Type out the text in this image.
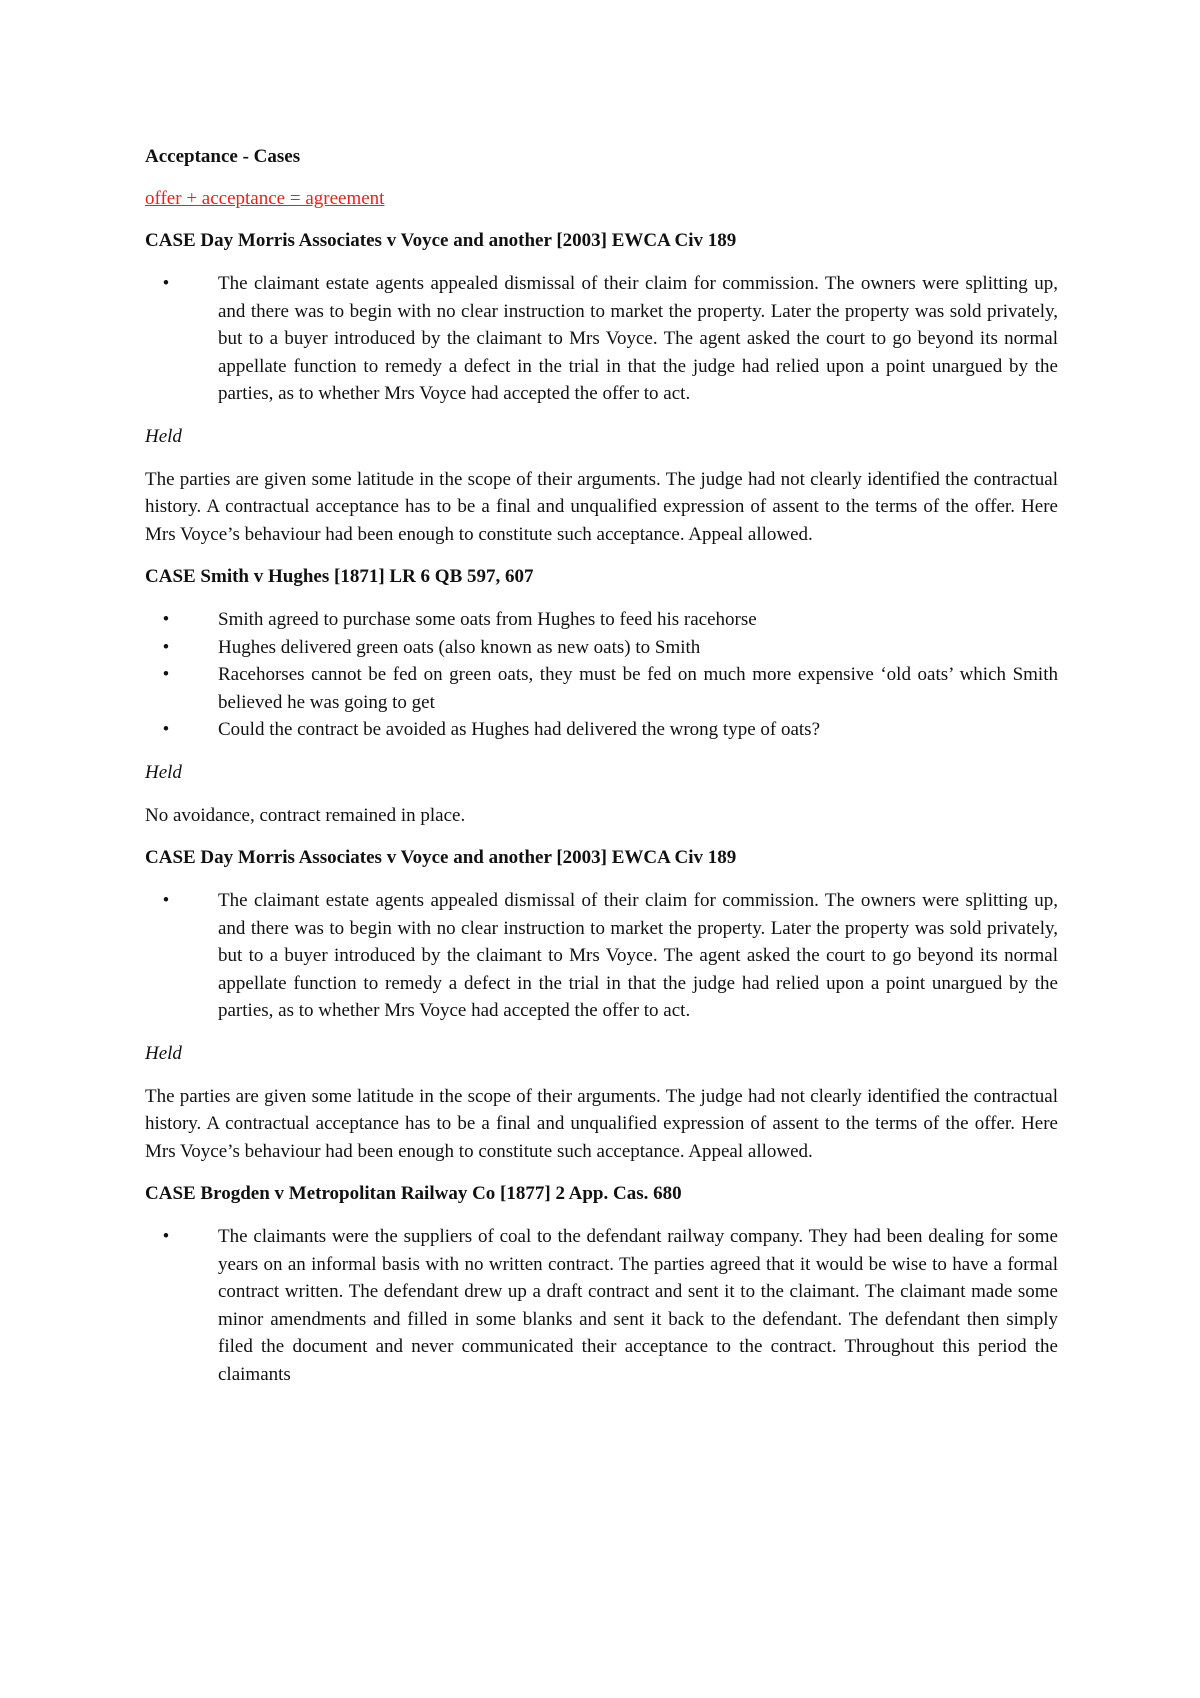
Acceptance - Cases
offer + acceptance = agreement
CASE Day Morris Associates v Voyce and another [2003] EWCA Civ 189
•	The claimant estate agents appealed dismissal of their claim for commission. The owners were splitting up, and there was to begin with no clear instruction to market the property. Later the property was sold privately, but to a buyer introduced by the claimant to Mrs Voyce. The agent asked the court to go beyond its normal appellate function to remedy a defect in the trial in that the judge had relied upon a point unargued by the parties, as to whether Mrs Voyce had accepted the offer to act.
Held
The parties are given some latitude in the scope of their arguments. The judge had not clearly identified the contractual history. A contractual acceptance has to be a final and unqualified expression of assent to the terms of the offer. Here Mrs Voyce’s behaviour had been enough to constitute such acceptance. Appeal allowed.
CASE Smith v Hughes [1871] LR 6 QB 597, 607
•	Smith agreed to purchase some oats from Hughes to feed his racehorse
•	Hughes delivered green oats (also known as new oats) to Smith
•	Racehorses cannot be fed on green oats, they must be fed on much more expensive ‘old oats’ which Smith believed he was going to get
•	Could the contract be avoided as Hughes had delivered the wrong type of oats?
Held
No avoidance, contract remained in place.
CASE Day Morris Associates v Voyce and another [2003] EWCA Civ 189
•	The claimant estate agents appealed dismissal of their claim for commission. The owners were splitting up, and there was to begin with no clear instruction to market the property. Later the property was sold privately, but to a buyer introduced by the claimant to Mrs Voyce. The agent asked the court to go beyond its normal appellate function to remedy a defect in the trial in that the judge had relied upon a point unargued by the parties, as to whether Mrs Voyce had accepted the offer to act.
Held
The parties are given some latitude in the scope of their arguments. The judge had not clearly identified the contractual history. A contractual acceptance has to be a final and unqualified expression of assent to the terms of the offer. Here Mrs Voyce’s behaviour had been enough to constitute such acceptance. Appeal allowed.
CASE Brogden v Metropolitan Railway Co [1877] 2 App. Cas. 680
•	The claimants were the suppliers of coal to the defendant railway company. They had been dealing for some years on an informal basis with no written contract. The parties agreed that it would be wise to have a formal contract written. The defendant drew up a draft contract and sent it to the claimant. The claimant made some minor amendments and filled in some blanks and sent it back to the defendant. The defendant then simply filed the document and never communicated their acceptance to the contract. Throughout this period the claimants
